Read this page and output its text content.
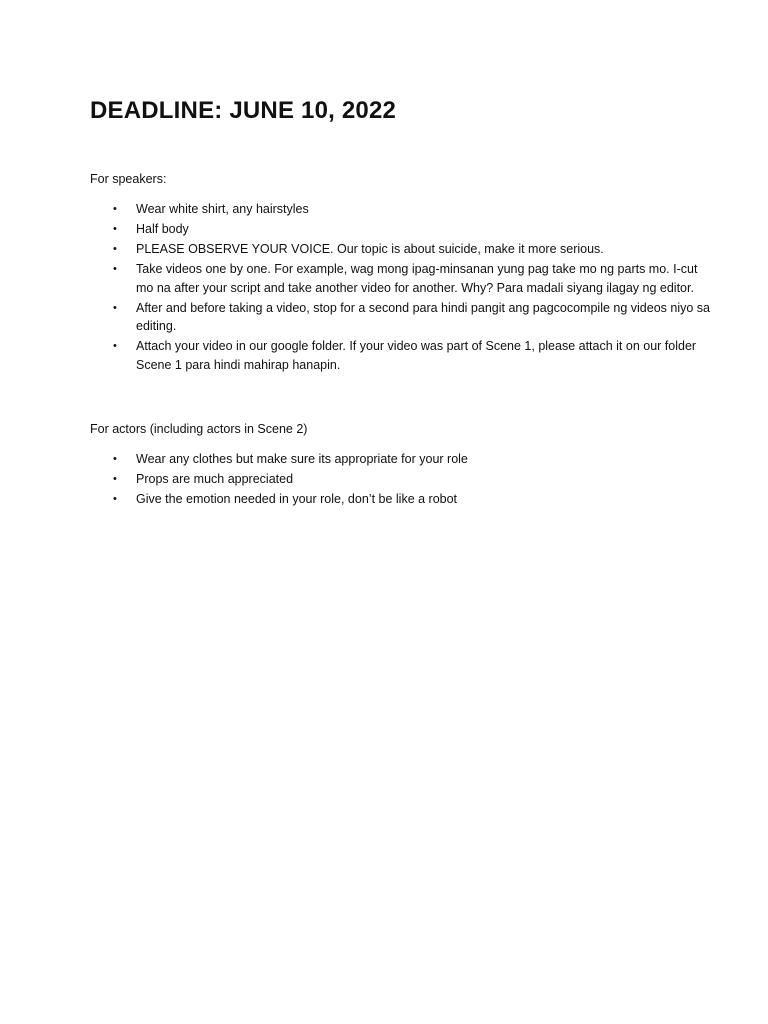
DEADLINE: JUNE 10, 2022

For speakers:

• Wear white shirt, any hairstyles
• Half body
• PLEASE OBSERVE YOUR VOICE. Our topic is about suicide, make it more serious.
• Take videos one by one. For example, wag mong ipag-minsanan yung pag take mo ng parts mo. I-cut mo na after your script and take another video for another. Why? Para madali siyang ilagay ng editor.
• After and before taking a video, stop for a second para hindi pangit ang pagcocompile ng videos niyo sa editing.
• Attach your video in our google folder. If your video was part of Scene 1, please attach it on our folder Scene 1 para hindi mahirap hanapin.

For actors (including actors in Scene 2)

• Wear any clothes but make sure its appropriate for your role
• Props are much appreciated
• Give the emotion needed in your role, don’t be like a robot
